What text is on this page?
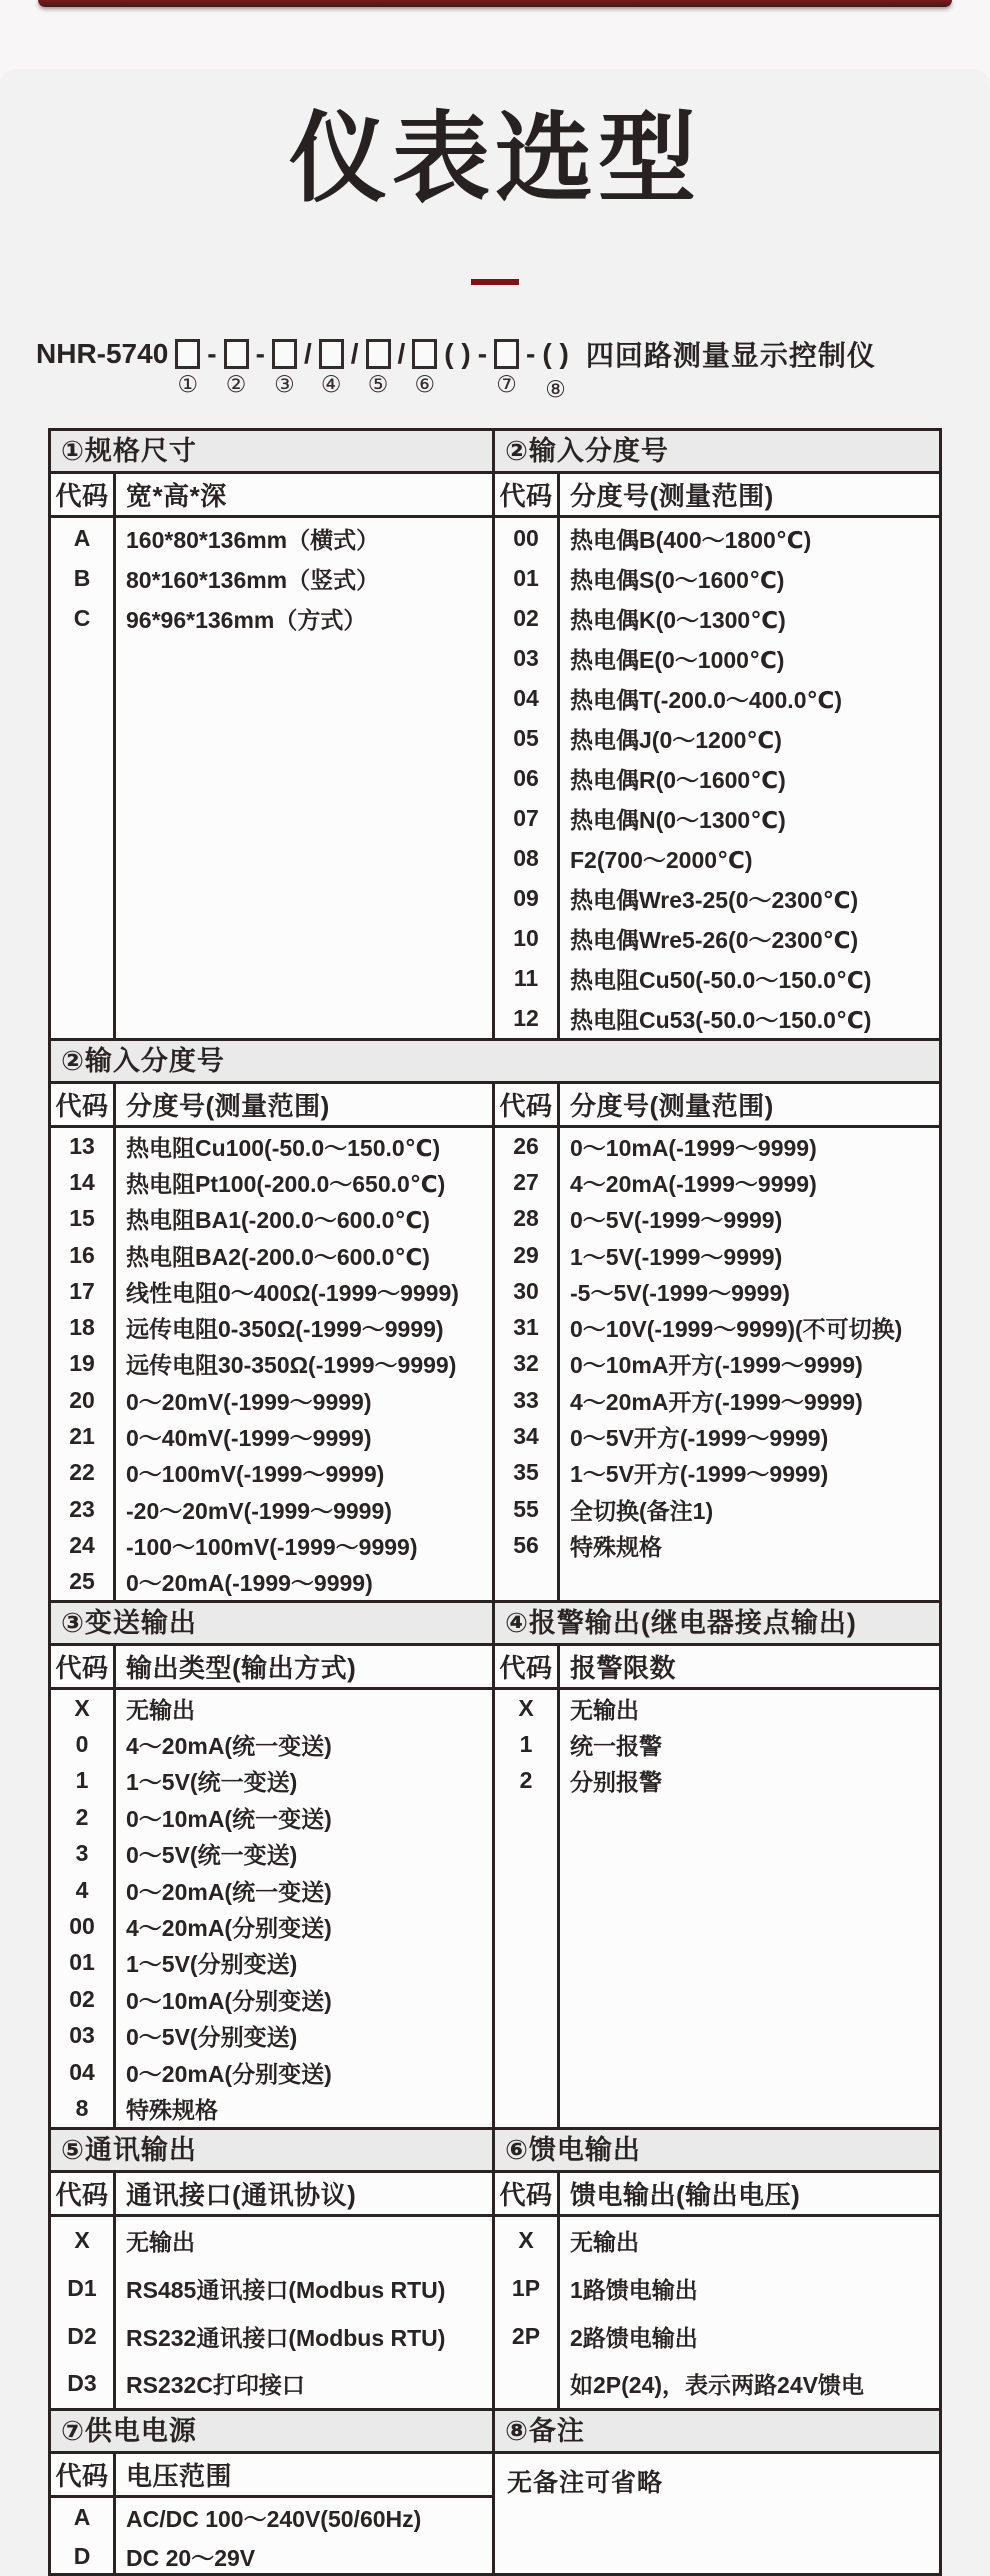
仪表选型
NHR-5740
①
-
②
-
③
/
④
/
⑤
/
⑥
( ) -
⑦
- ( )
⑧
四回路测量显示控制仪
①规格尺寸
代码 宽*高*深
A	160*80*136mm（横式）
B	80*160*136mm（竖式）
C	96*96*136mm（方式）
②输入分度号
代码 分度号(测量范围)
00	热电偶B(400～1800℃)
01	热电偶S(0～1600℃)
02	热电偶K(0～1300℃)
03	热电偶E(0～1000℃)
04	热电偶T(-200.0～400.0℃)
05	热电偶J(0～1200℃)
06	热电偶R(0～1600℃)
07	热电偶N(0～1300℃)
08	F2(700～2000℃)
09	热电偶Wre3-25(0～2300℃)
10	热电偶Wre5-26(0～2300℃)
11	热电阻Cu50(-50.0～150.0℃)
12	热电阻Cu53(-50.0～150.0℃)
②输入分度号
代码 分度号(测量范围)
13	热电阻Cu100(-50.0～150.0℃)
14	热电阻Pt100(-200.0～650.0℃)
15	热电阻BA1(-200.0～600.0℃)
16	热电阻BA2(-200.0～600.0℃)
17	线性电阻0～400Ω(-1999～9999)
18	远传电阻0-350Ω(-1999～9999)
19	远传电阻30-350Ω(-1999～9999)
20	0～20mV(-1999～9999)
21	0～40mV(-1999～9999)
22	0～100mV(-1999～9999)
23	-20～20mV(-1999～9999)
24	-100～100mV(-1999～9999)
25	0～20mA(-1999～9999)
代码 分度号(测量范围)
26	0～10mA(-1999～9999)
27	4～20mA(-1999～9999)
28	0～5V(-1999～9999)
29	1～5V(-1999～9999)
30	-5～5V(-1999～9999)
31	0～10V(-1999～9999)(不可切换)
32	0～10mA开方(-1999～9999)
33	4～20mA开方(-1999～9999)
34	0～5V开方(-1999～9999)
35	1～5V开方(-1999～9999)
55	全切换(备注1)
56	特殊规格
③变送输出
代码 输出类型(输出方式)
X	无输出
0	4～20mA(统一变送)
1	1～5V(统一变送)
2	0～10mA(统一变送)
3	0～5V(统一变送)
4	0～20mA(统一变送)
00	4～20mA(分别变送)
01	1～5V(分别变送)
02	0～10mA(分别变送)
03	0～5V(分别变送)
04	0～20mA(分别变送)
8	特殊规格
④报警输出(继电器接点输出)
代码 报警限数
X	无输出
1	统一报警
2	分别报警
⑤通讯输出
代码 通讯接口(通讯协议)
X	无输出
D1	RS485通讯接口(Modbus RTU)
D2	RS232通讯接口(Modbus RTU)
D3	RS232C打印接口
⑥馈电输出
代码 馈电输出(输出电压)
X	无输出
1P	1路馈电输出
2P	2路馈电输出
如2P(24)，表示两路24V馈电
⑦供电电源
代码 电压范围
A	AC/DC 100～240V(50/60Hz)
D	DC 20～29V
⑧备注
无备注可省略
